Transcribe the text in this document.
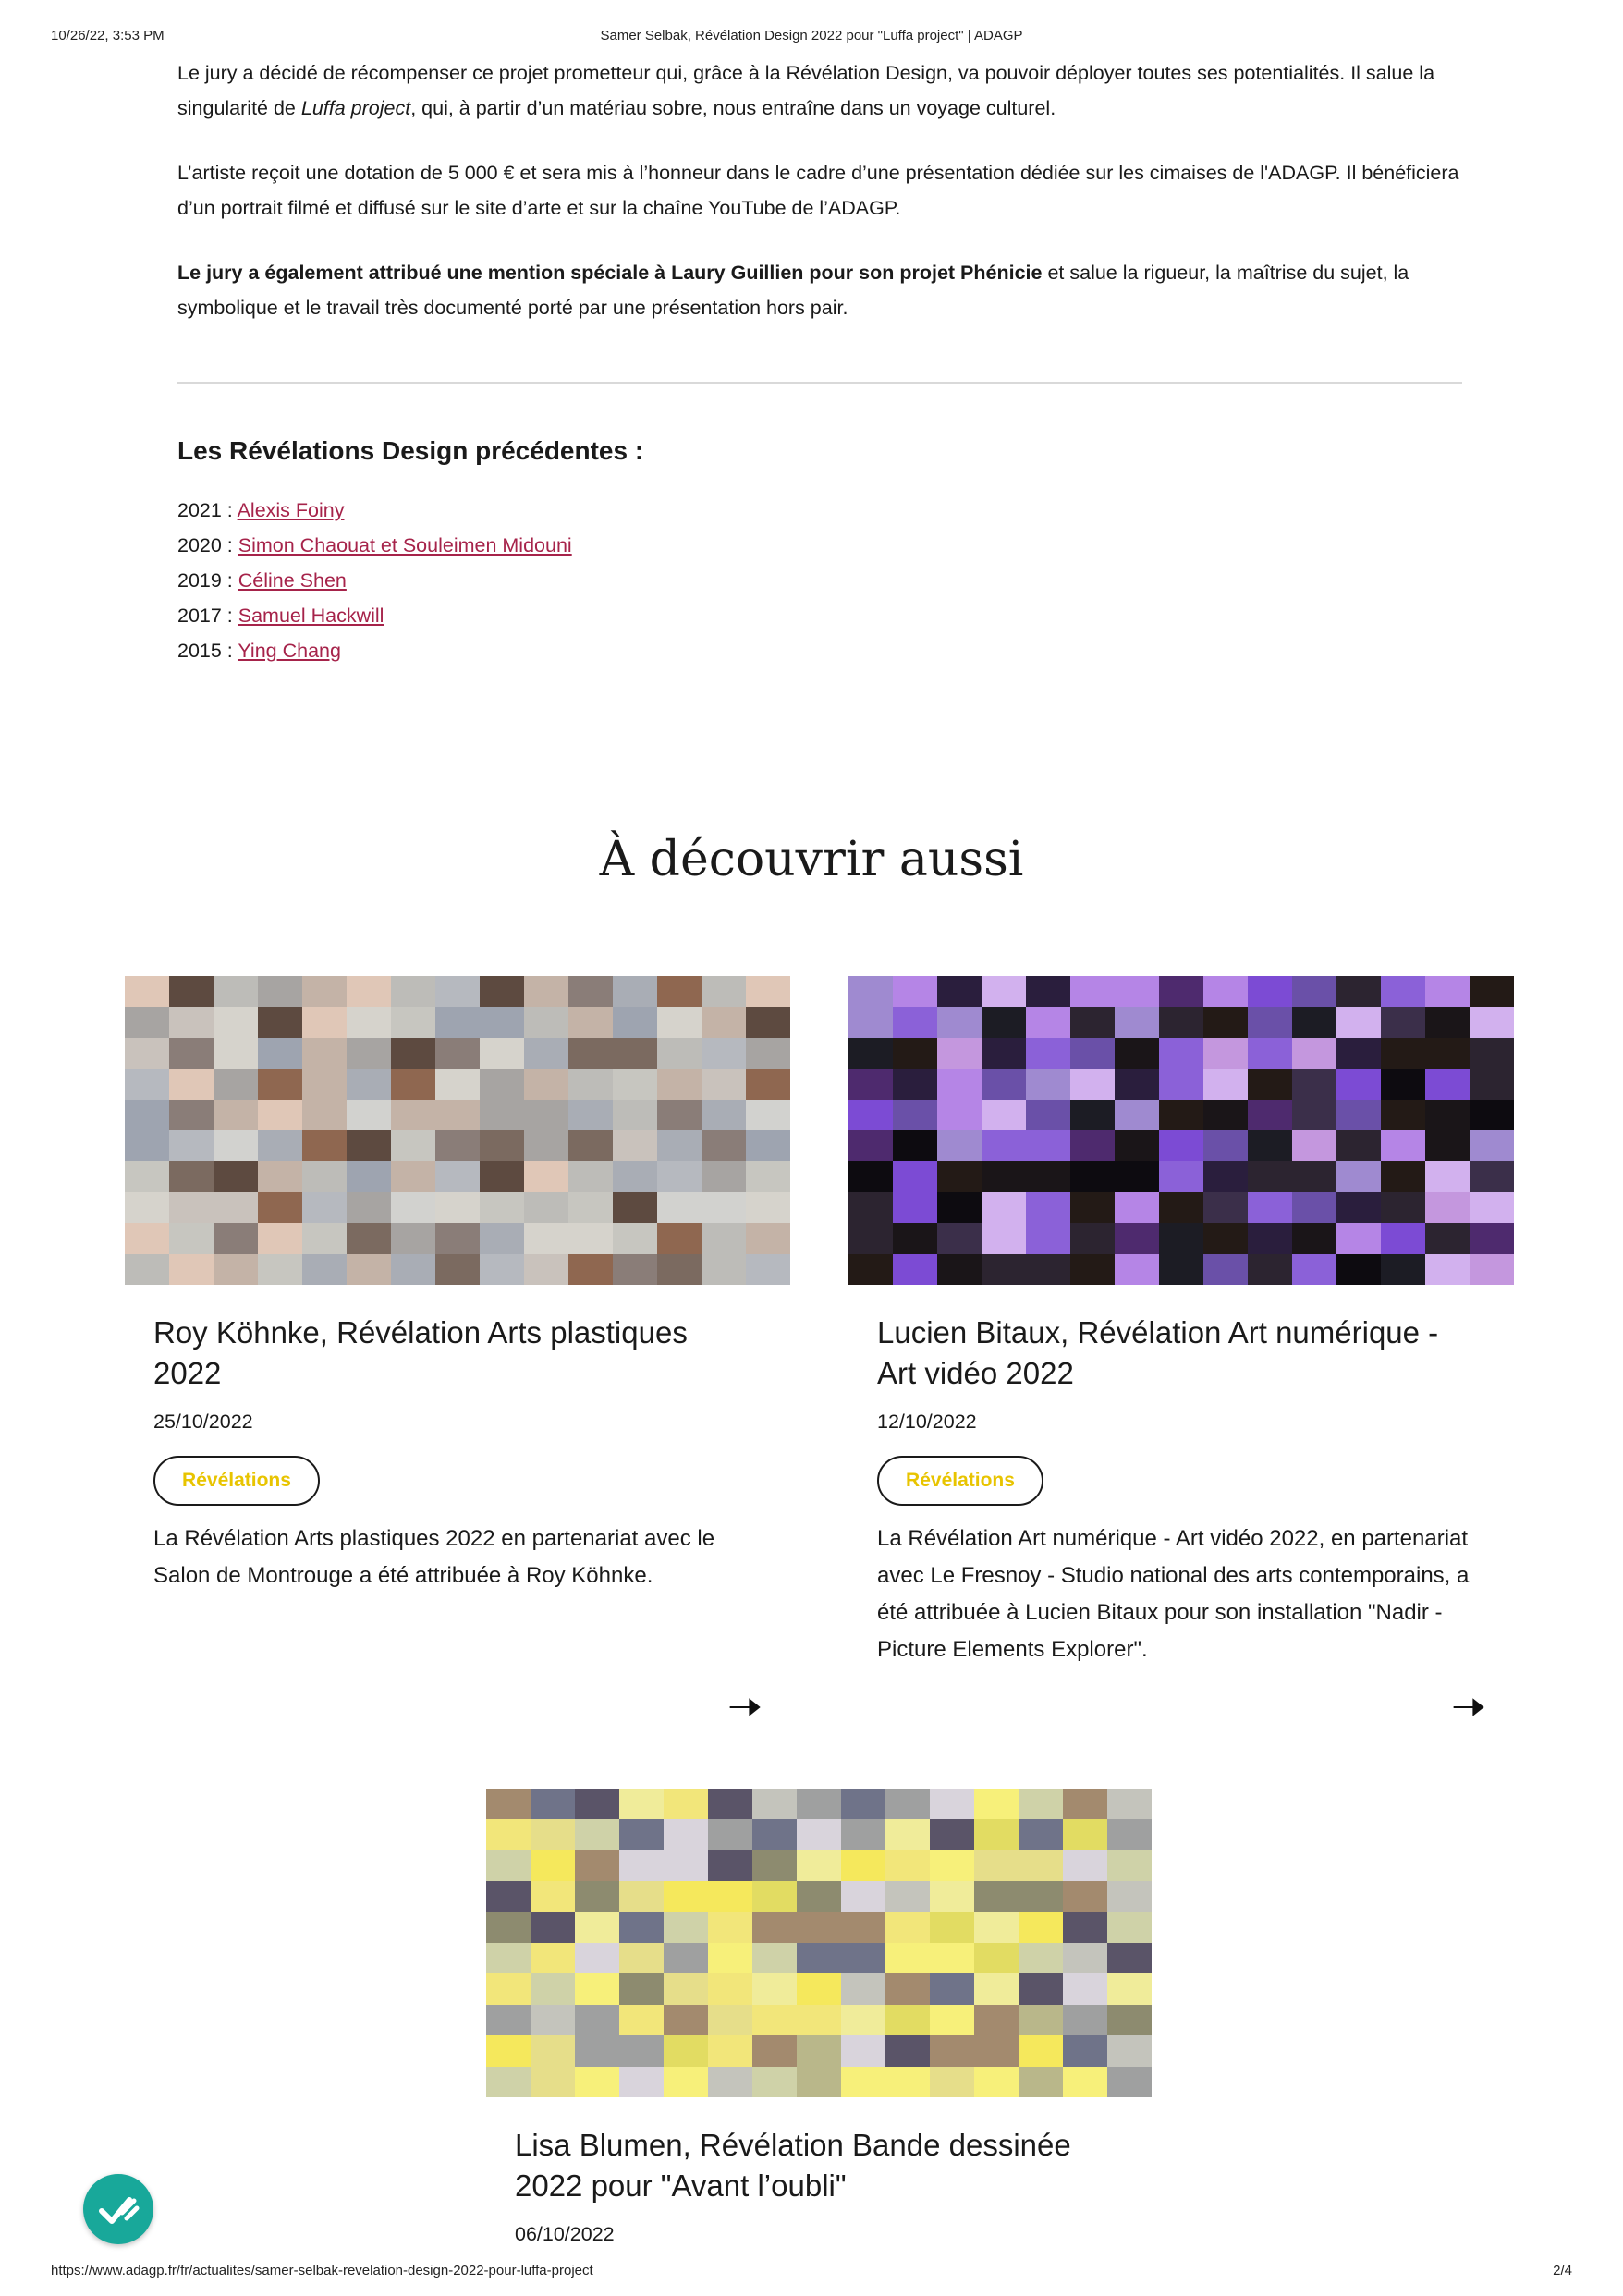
10/26/22, 3:53 PM	Samer Selbak, Révélation Design 2022 pour "Luffa project" | ADAGP

Le jury a décidé de récompenser ce projet prometteur qui, grâce à la Révélation Design, va pouvoir déployer toutes ses potentialités. Il salue la singularité de Luffa project, qui, à partir d’un matériau sobre, nous entraîne dans un voyage culturel.

L’artiste reçoit une dotation de 5 000 € et sera mis à l’honneur dans le cadre d’une présentation dédiée sur les cimaises de l'ADAGP. Il bénéficiera d’un portrait filmé et diffusé sur le site d’arte et sur la chaîne YouTube de l’ADAGP.

Le jury a également attribué une mention spéciale à Laury Guillien pour son projet Phénicie et salue la rigueur, la maîtrise du sujet, la symbolique et le travail très documenté porté par une présentation hors pair.

Les Révélations Design précédentes :
2021 : Alexis Foiny
2020 : Simon Chaouat et Souleimen Midouni
2019 : Céline Shen
2017 : Samuel Hackwill
2015 : Ying Chang
À découvrir aussi
Roy Köhnke, Révélation Arts plastiques 2022
25/10/2022
Révélations
La Révélation Arts plastiques 2022 en partenariat avec le Salon de Montrouge a été attribuée à Roy Köhnke.
🠢
Lucien Bitaux, Révélation Art numérique - Art vidéo 2022
12/10/2022
Révélations
La Révélation Art numérique - Art vidéo 2022, en partenariat avec Le Fresnoy - Studio national des arts contemporains, a été attribuée à Lucien Bitaux pour son installation "Nadir - Picture Elements Explorer".
🠢
Lisa Blumen, Révélation Bande dessinée 2022 pour "Avant l’oubli"
06/10/2022
https://www.adagp.fr/fr/actualites/samer-selbak-revelation-design-2022-pour-luffa-project	2/4
